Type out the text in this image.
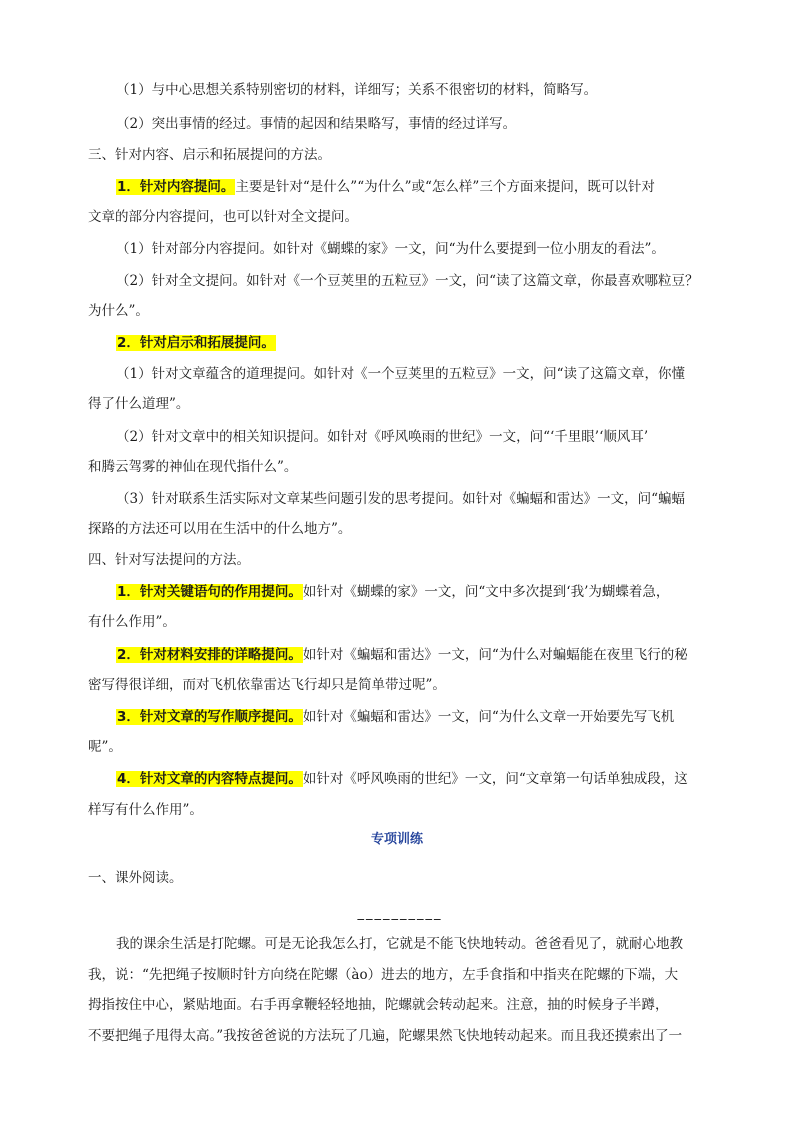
（1）与中心思想关系特别密切的材料，详细写；关系不很密切的材料，简略写。
（2）突出事情的经过。事情的起因和结果略写，事情的经过详写。
三、针对内容、启示和拓展提问的方法。
1．针对内容提问。主要是针对“是什么”“为什么”或“怎么样”三个方面来提问，既可以针对
文章的部分内容提问，也可以针对全文提问。
（1）针对部分内容提问。如针对《蝴蝶的家》一文，问“为什么要提到一位小朋友的看法”。
（2）针对全文提问。如针对《一个豆荚里的五粒豆》一文，问“读了这篇文章，你最喜欢哪粒豆？
为什么”。
2．针对启示和拓展提问。
（1）针对文章蕴含的道理提问。如针对《一个豆荚里的五粒豆》一文，问“读了这篇文章，你懂
得了什么道理”。
（2）针对文章中的相关知识提问。如针对《呼风唤雨的世纪》一文，问“‘千里眼’‘顺风耳’
和腾云驾雾的神仙在现代指什么”。
（3）针对联系生活实际对文章某些问题引发的思考提问。如针对《蝙蝠和雷达》一文，问“蝙蝠
探路的方法还可以用在生活中的什么地方”。
四、针对写法提问的方法。
1．针对关键语句的作用提问。如针对《蝴蝶的家》一文，问“文中多次提到‘我’为蝴蝶着急，
有什么作用”。
2．针对材料安排的详略提问。如针对《蝙蝠和雷达》一文，问“为什么对蝙蝠能在夜里飞行的秘
密写得很详细，而对飞机依靠雷达飞行却只是简单带过呢”。
3．针对文章的写作顺序提问。如针对《蝙蝠和雷达》一文，问“为什么文章一开始要先写飞机
呢”。
4．针对文章的内容特点提问。如针对《呼风唤雨的世纪》一文，问“文章第一句话单独成段，这
样写有什么作用”。
专项训练
一、课外阅读。
__________
我的课余生活是打陀螺。可是无论我怎么打，它就是不能飞快地转动。爸爸看见了，就耐心地教
我，说：“先把绳子按顺时针方向绕在陀螺（ào）进去的地方，左手食指和中指夹在陀螺的下端，大
拇指按住中心，紧贴地面。右手再拿鞭轻轻地抽，陀螺就会转动起来。注意，抽的时候身子半蹲，
不要把绳子甩得太高。”我按爸爸说的方法玩了几遍，陀螺果然飞快地转动起来。而且我还摸索出了一
